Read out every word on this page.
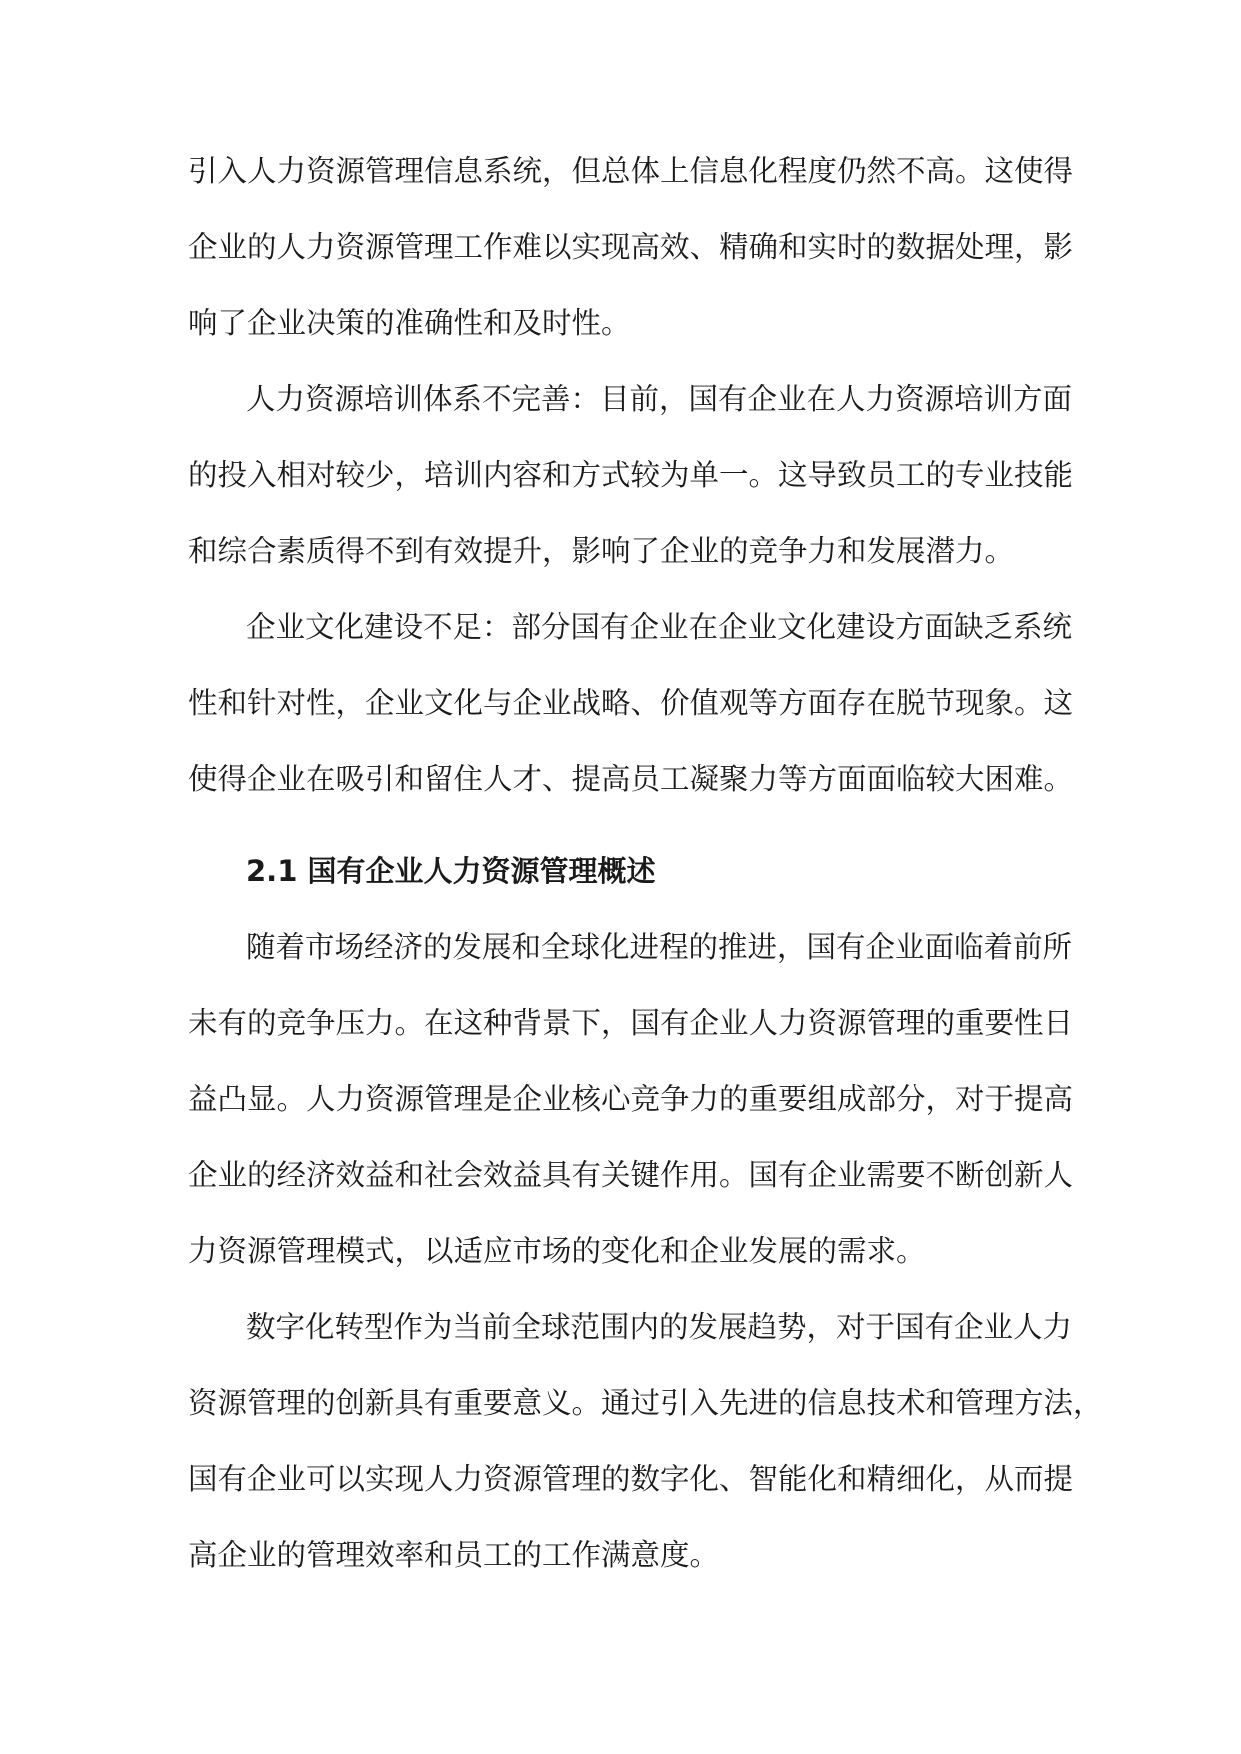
引入人力资源管理信息系统，但总体上信息化程度仍然不高。这使得
企业的人力资源管理工作难以实现高效、精确和实时的数据处理，影
响了企业决策的准确性和及时性。
人力资源培训体系不完善：目前，国有企业在人力资源培训方面
的投入相对较少，培训内容和方式较为单一。这导致员工的专业技能
和综合素质得不到有效提升，影响了企业的竞争力和发展潜力。
企业文化建设不足：部分国有企业在企业文化建设方面缺乏系统
性和针对性，企业文化与企业战略、价值观等方面存在脱节现象。这
使得企业在吸引和留住人才、提高员工凝聚力等方面面临较大困难。
2.1 国有企业人力资源管理概述
随着市场经济的发展和全球化进程的推进，国有企业面临着前所
未有的竞争压力。在这种背景下，国有企业人力资源管理的重要性日
益凸显。人力资源管理是企业核心竞争力的重要组成部分，对于提高
企业的经济效益和社会效益具有关键作用。国有企业需要不断创新人
力资源管理模式，以适应市场的变化和企业发展的需求。
数字化转型作为当前全球范围内的发展趋势，对于国有企业人力
资源管理的创新具有重要意义。通过引入先进的信息技术和管理方法，
国有企业可以实现人力资源管理的数字化、智能化和精细化，从而提
高企业的管理效率和员工的工作满意度。
